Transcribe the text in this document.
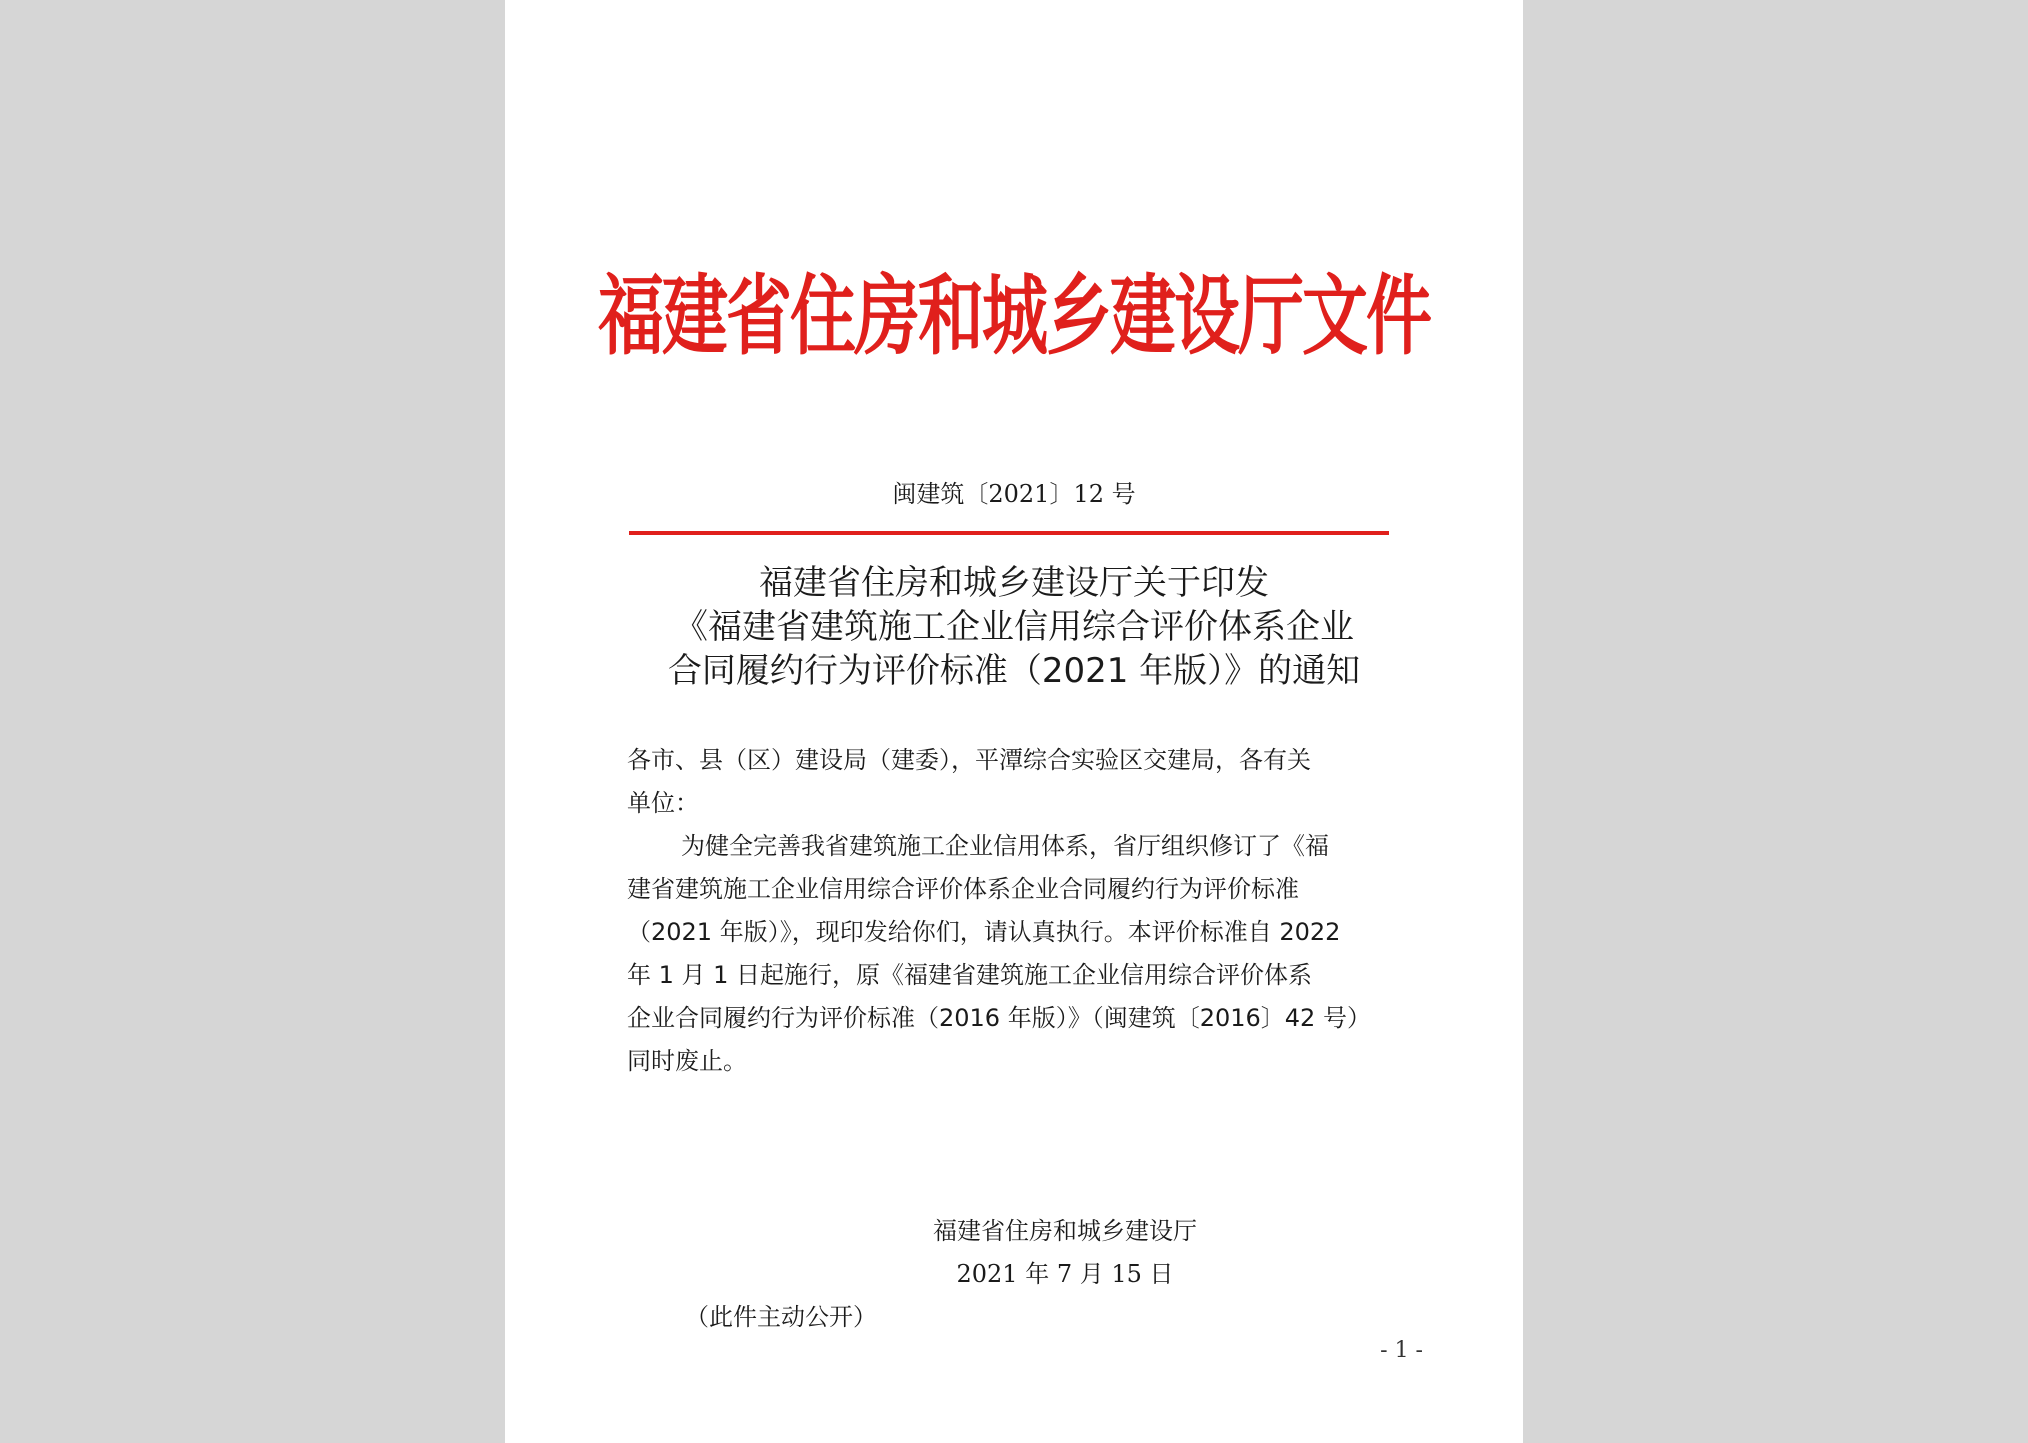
福建省住房和城乡建设厅文件
闽建筑〔2021〕12 号
福建省住房和城乡建设厅关于印发
《福建省建筑施工企业信用综合评价体系企业
合同履约行为评价标准（2021 年版）》的通知
各市、县（区）建设局（建委），平潭综合实验区交建局，各有关
单位：
为健全完善我省建筑施工企业信用体系，省厅组织修订了《福
建省建筑施工企业信用综合评价体系企业合同履约行为评价标准
（2021 年版）》，现印发给你们，请认真执行。本评价标准自 2022
年 1 月 1 日起施行，原《福建省建筑施工企业信用综合评价体系
企业合同履约行为评价标准（2016 年版）》（闽建筑〔2016〕42 号）
同时废止。
福建省住房和城乡建设厅
2021 年 7 月 15 日
（此件主动公开）
- 1 -
